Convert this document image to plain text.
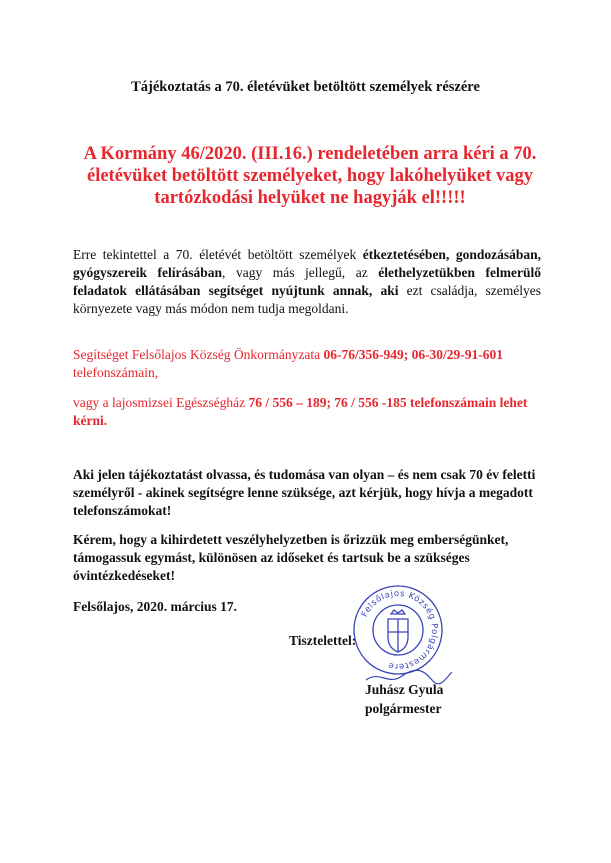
Tájékoztatás a 70. életévüket betöltött személyek részére
A Kormány 46/2020. (III.16.) rendeletében arra kéri a 70. életévüket betöltött személyeket, hogy lakóhelyüket vagy tartózkodási helyüket ne hagyják el!!!!!
Erre tekintettel a 70. életévét betöltött személyek étkeztetésében, gondozásában, gyógyszereik felírásában, vagy más jellegű, az élethelyzetükben felmerülő feladatok ellátásában segítséget nyújtunk annak, aki ezt családja, személyes környezete vagy más módon nem tudja megoldani.
Segítséget Felsőlajos Község Önkormányzata 06-76/356-949; 06-30/29-91-601 telefonszámain,
vagy a lajosmizsei Egészségház 76 / 556 – 189; 76 / 556 -185 telefonszámain lehet kérni.
Aki jelen tájékoztatást olvassa, és tudomása van olyan – és nem csak 70 év feletti személyről - akinek segítségre lenne szüksége, azt kérjük, hogy hívja a megadott telefonszámokat!
Kérem, hogy a kihirdetett veszélyhelyzetben is őrizzük meg emberségünket, támogassuk egymást, különösen az időseket és tartsuk be a szükséges óvintézkedéseket!
Felsőlajos, 2020. március 17.
Tisztelettel:
Felsőlajos Község Polgármestere
Juhász Gyula
polgármester
